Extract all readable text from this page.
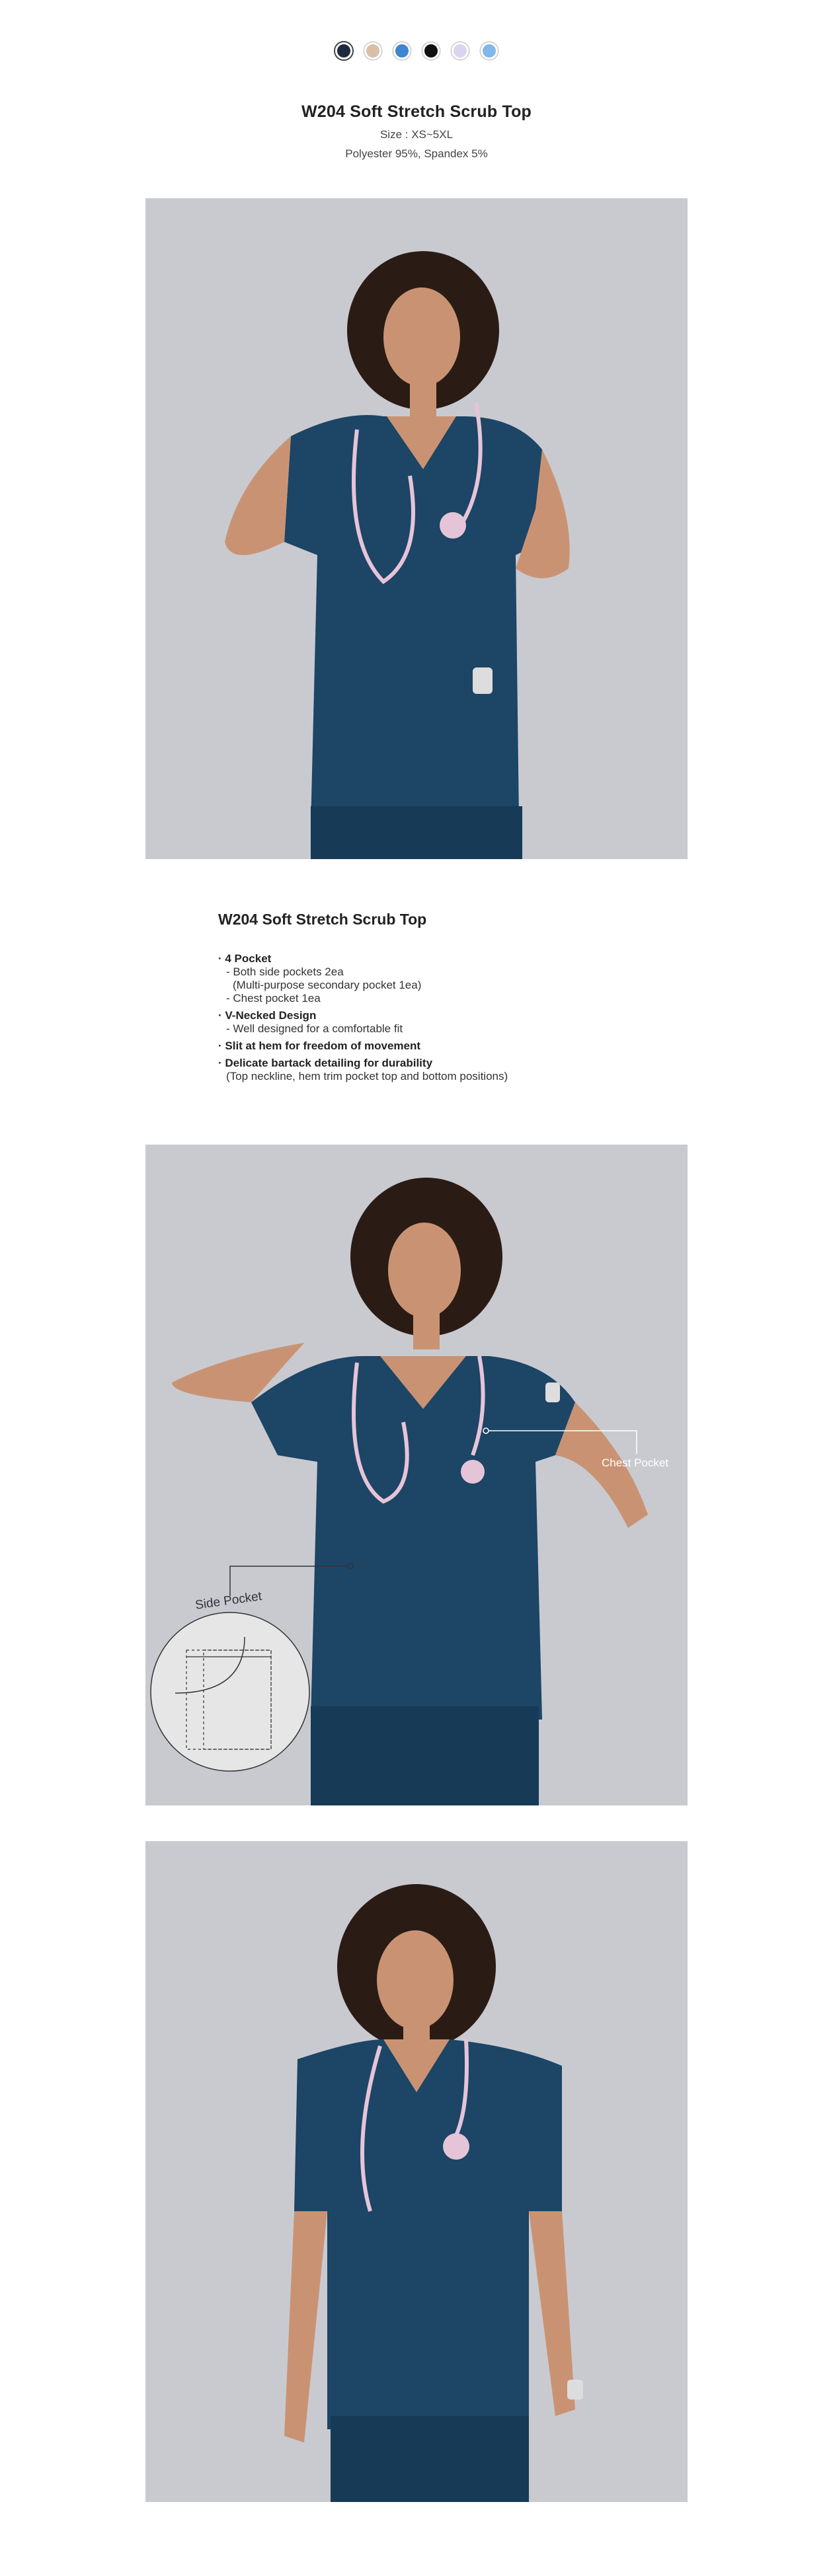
W204 Soft Stretch Scrub Top

Size : XS~5XL

Polyester 95%, Spandex 5%

W204 Soft Stretch Scrub Top
· 4 Pocket
- Both side pockets 2ea
(Multi-purpose secondary pocket 1ea)
- Chest pocket 1ea
· V-Necked Design
- Well designed for a comfortable fit
· Slit at hem for freedom of movement
· Delicate bartack detailing for durability
(Top neckline, hem trim pocket top and bottom positions)
Chest Pocket
Side Pocket
